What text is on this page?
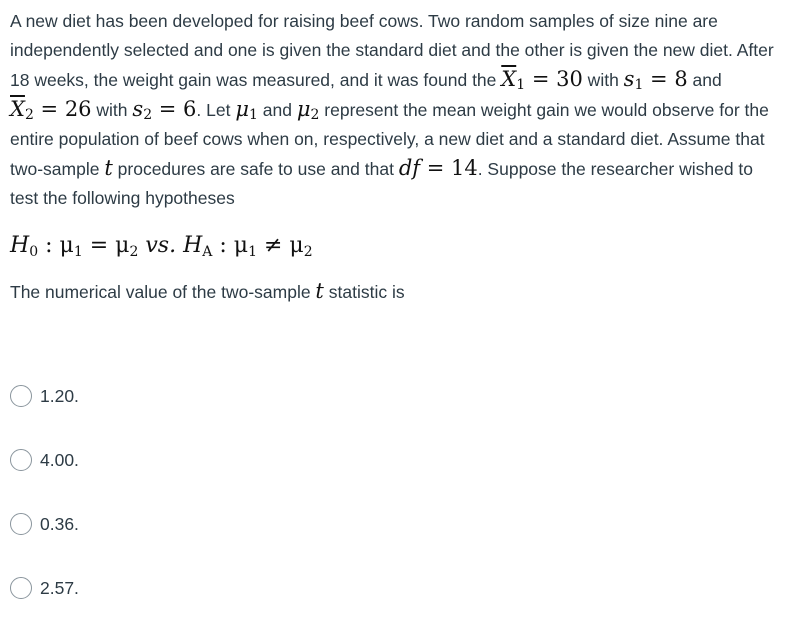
A new diet has been developed for raising beef cows. Two random samples of size nine are independently selected and one is given the standard diet and the other is given the new diet. After 18 weeks, the weight gain was measured, and it was found the $\overline{X}_1 = 30$ with $s_1 = 8$ and $\overline{X}_2 = 26$ with $s_2 = 6$. Let $\mu_1$ and $\mu_2$ represent the mean weight gain we would observe for the entire population of beef cows when on, respectively, a new diet and a standard diet. Assume that two-sample t procedures are safe to use and that df = 14. Suppose the researcher wished to test the following hypotheses

$H_0$ : $\mu_1 = \mu_2$ vs. $H_A$ : $\mu_1 \ne \mu_2$

The numerical value of the two-sample t statistic is

1.20.
4.00.
0.36.
2.57.
